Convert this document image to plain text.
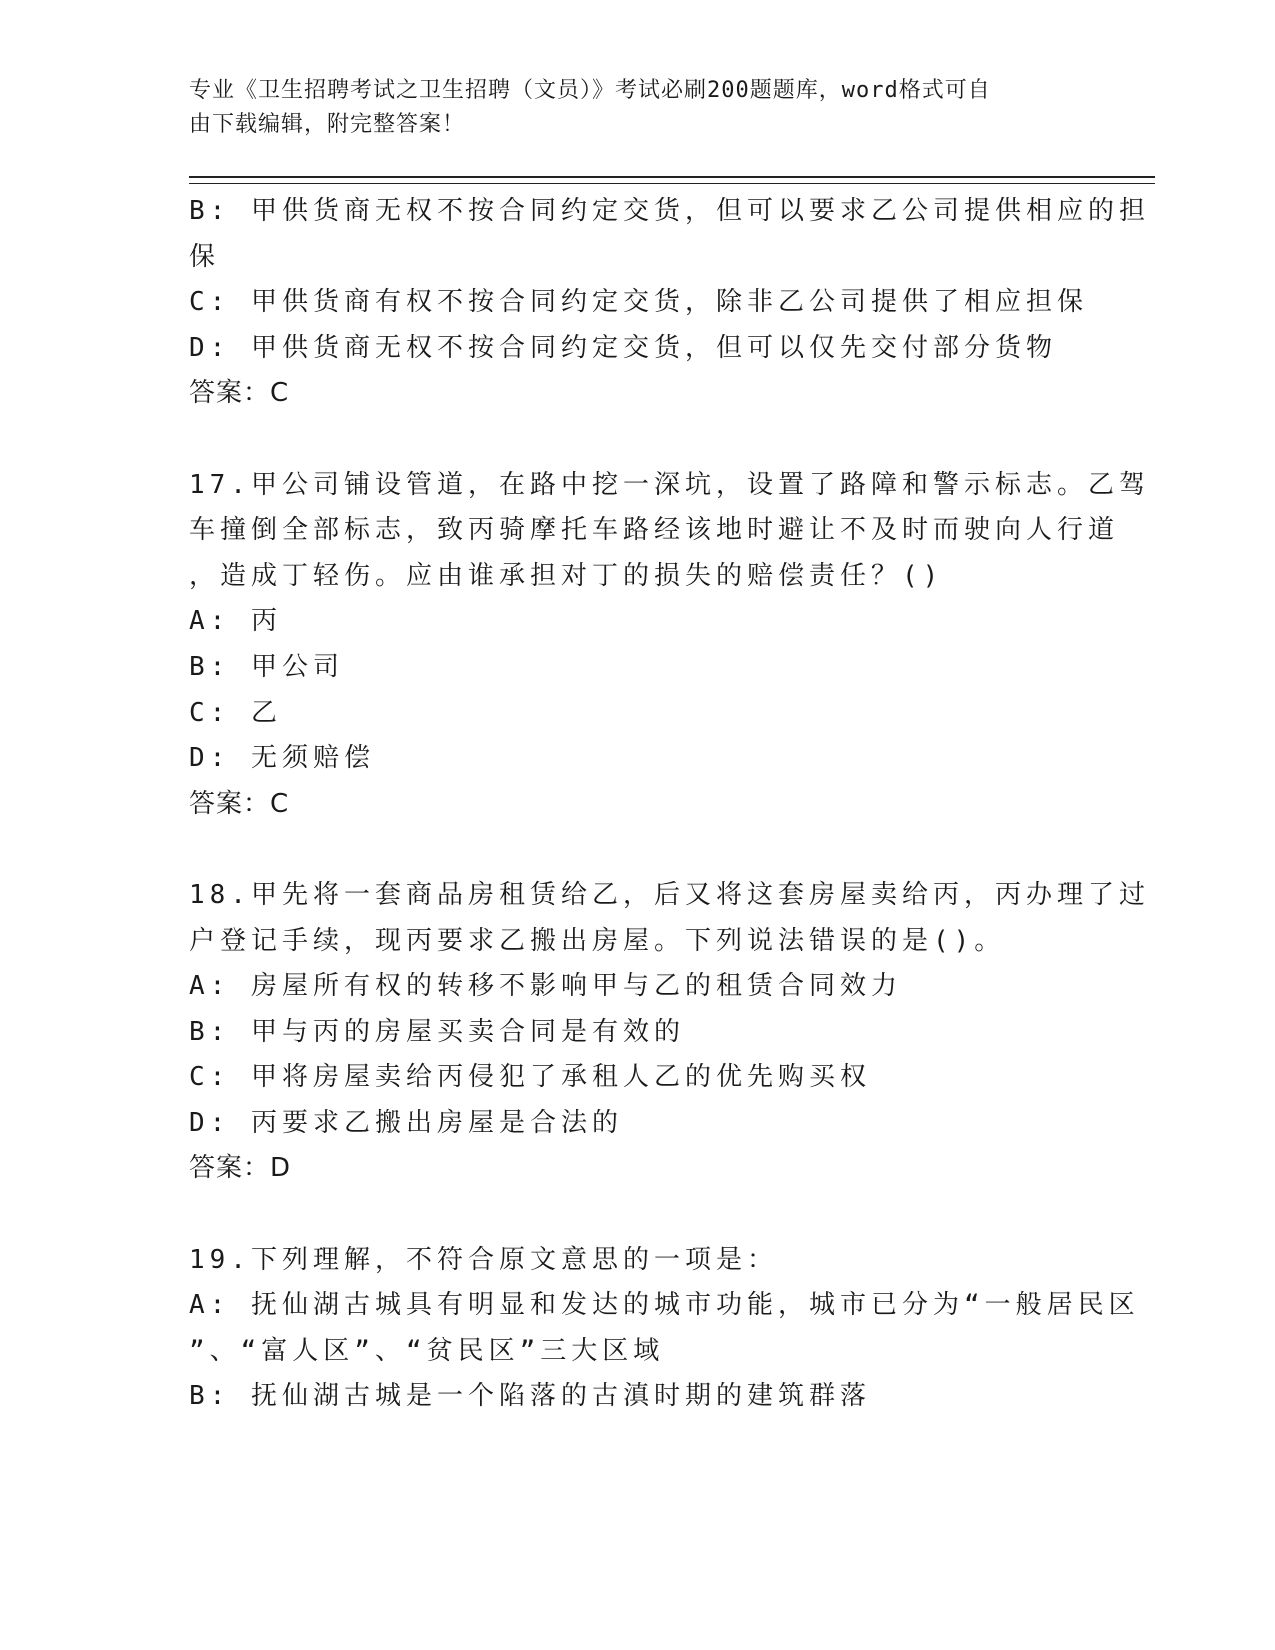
专业《卫生招聘考试之卫生招聘（文员）》考试必刷200题题库，word格式可自
由下载编辑，附完整答案！
B: 甲供货商无权不按合同约定交货，但可以要求乙公司提供相应的担
保
C: 甲供货商有权不按合同约定交货，除非乙公司提供了相应担保
D: 甲供货商无权不按合同约定交货，但可以仅先交付部分货物
答案：C
17.甲公司铺设管道，在路中挖一深坑，设置了路障和警示标志。乙驾
车撞倒全部标志，致丙骑摩托车路经该地时避让不及时而驶向人行道
，造成丁轻伤。应由谁承担对丁的损失的赔偿责任？()
A: 丙
B: 甲公司
C: 乙
D: 无须赔偿
答案：C
18.甲先将一套商品房租赁给乙，后又将这套房屋卖给丙，丙办理了过
户登记手续，现丙要求乙搬出房屋。下列说法错误的是()。
A: 房屋所有权的转移不影响甲与乙的租赁合同效力
B: 甲与丙的房屋买卖合同是有效的
C: 甲将房屋卖给丙侵犯了承租人乙的优先购买权
D: 丙要求乙搬出房屋是合法的
答案：D
19.下列理解，不符合原文意思的一项是：
A: 抚仙湖古城具有明显和发达的城市功能，城市已分为“一般居民区
”、“富人区”、“贫民区”三大区域
B: 抚仙湖古城是一个陷落的古滇时期的建筑群落
